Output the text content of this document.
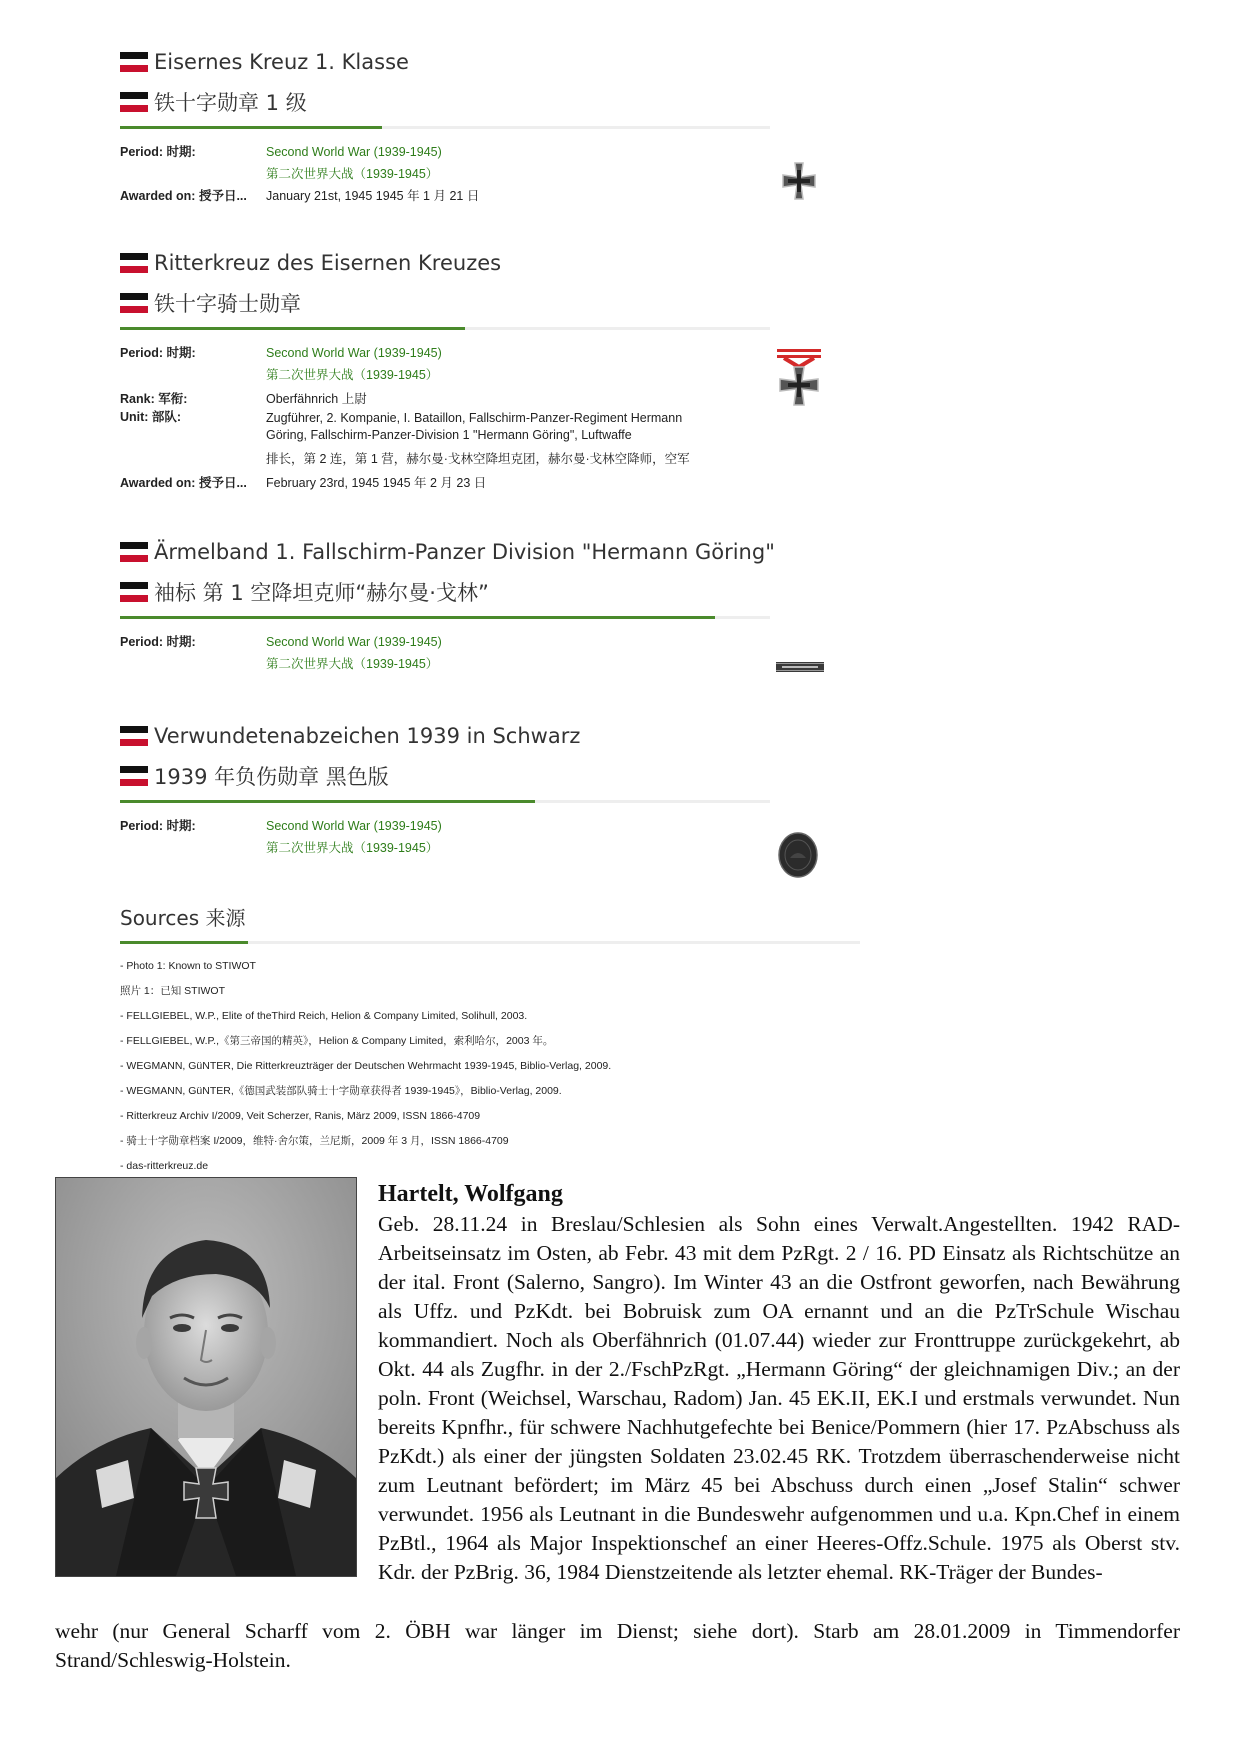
Eisernes Kreuz 1. Klasse
铁十字勋章 1 级
Period: 时期:	Second World War (1939-1945)
第二次世界大战（1939-1945）
Awarded on: 授予日...	January 21st, 1945 1945 年 1 月 21 日
Ritterkreuz des Eisernen Kreuzes
铁十字骑士勋章
Period: 时期:	Second World War (1939-1945)
第二次世界大战（1939-1945）
Rank: 军衔:	Oberfähnrich 上尉
Unit: 部队:	Zugführer, 2. Kompanie, I. Bataillon, Fallschirm-Panzer-Regiment Hermann Göring, Fallschirm-Panzer-Division 1 "Hermann Göring", Luftwaffe
排长，第 2 连，第 1 营，赫尔曼·戈林空降坦克团，赫尔曼·戈林空降师，空军
Awarded on: 授予日...	February 23rd, 1945 1945 年 2 月 23 日
Ärmelband 1. Fallschirm-Panzer Division "Hermann Göring"
袖标 第 1 空降坦克师“赫尔曼·戈林”
Period: 时期:	Second World War (1939-1945)
第二次世界大战（1939-1945）
Verwundetenabzeichen 1939 in Schwarz
1939 年负伤勋章 黑色版
Period: 时期:	Second World War (1939-1945)
第二次世界大战（1939-1945）
Sources 来源
- Photo 1: Known to STIWOT
照片 1：已知 STIWOT
- FELLGIEBEL, W.P., Elite of theThird Reich, Helion & Company Limited, Solihull, 2003.
- FELLGIEBEL, W.P.,《第三帝国的精英》，Helion & Company Limited，索利哈尔，2003 年。
- WEGMANN, GüNTER, Die Ritterkreuzträger der Deutschen Wehrmacht 1939-1945, Biblio-Verlag, 2009.
- WEGMANN, GüNTER,《德国武装部队骑士十字勋章获得者 1939-1945》，Biblio-Verlag, 2009.
- Ritterkreuz Archiv I/2009, Veit Scherzer, Ranis, März 2009, ISSN 1866-4709
- 骑士十字勋章档案 I/2009，维特·舍尔策，兰尼斯，2009 年 3 月，ISSN 1866-4709
- das-ritterkreuz.de
Hartelt, Wolfgang
Geb. 28.11.24 in Breslau/Schlesien als Sohn eines Verwalt.Angestellten. 1942 RAD-Arbeitseinsatz im Osten, ab Febr. 43 mit dem PzRgt. 2 / 16. PD Einsatz als Richtschütze an der ital. Front (Salerno, Sangro). Im Winter 43 an die Ostfront geworfen, nach Bewährung als Uffz. und PzKdt. bei Bobruisk zum OA ernannt und an die PzTrSchule Wischau kommandiert. Noch als Oberfähnrich (01.07.44) wieder zur Fronttruppe zurückgekehrt, ab Okt. 44 als Zugfhr. in der 2./FschPzRgt. „Hermann Göring“ der gleichnamigen Div.; an der poln. Front (Weichsel, Warschau, Radom) Jan. 45 EK.II, EK.I und erstmals verwundet. Nun bereits Kpnfhr., für schwere Nachhutgefechte bei Benice/Pommern (hier 17. PzAbschuss als PzKdt.) als einer der jüngsten Soldaten 23.02.45 RK. Trotzdem überraschenderweise nicht zum Leutnant befördert; im März 45 bei Abschuss durch einen „Josef Stalin“ schwer verwundet. 1956 als Leutnant in die Bundeswehr aufgenommen und u.a. Kpn.Chef in einem PzBtl., 1964 als Major Inspektionschef an einer Heeres-Offz.Schule. 1975 als Oberst stv. Kdr. der PzBrig. 36, 1984 Dienstzeitende als letzter ehemal. RK-Träger der Bundes-
wehr (nur General Scharff vom 2. ÖBH war länger im Dienst; siehe dort). Starb am 28.01.2009 in Timmendorfer Strand/Schleswig-Holstein.
